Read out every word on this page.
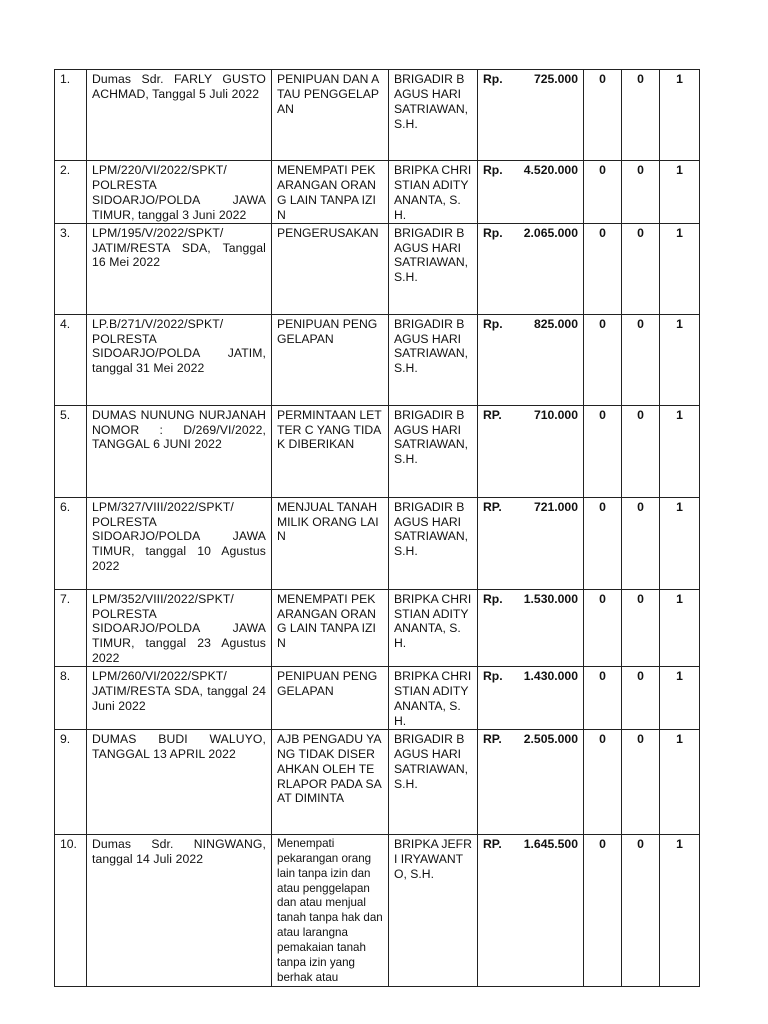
1.	Dumas Sdr. FARLY GUSTO ACHMAD, Tanggal 5 Juli 2022	PENIPUAN DAN ATAU PENGGELAPAN	BRIGADIR BAGUS HARI SATRIAWAN, S.H.	Rp.	725.000	0	0	1

2.	LPM/220/VI/2022/SPKT/ POLRESTA SIDOARJO/POLDA JAWA TIMUR, tanggal 3 Juni 2022	MENEMPATI PEKARANGAN ORANG LAIN TANPA IZIN	BRIPKA CHRISTIAN ADITYANANTA, S.H.	Rp.	4.520.000	0	0	1

3.	LPM/195/V/2022/SPKT/ JATIM/RESTA SDA, Tanggal 16 Mei 2022	PENGERUSAKAN	BRIGADIR BAGUS HARI SATRIAWAN, S.H.	Rp.	2.065.000	0	0	1

4.	LP.B/271/V/2022/SPKT/ POLRESTA SIDOARJO/POLDA JATIM, tanggal 31 Mei 2022	PENIPUAN PENGGELAPAN	BRIGADIR BAGUS HARI SATRIAWAN, S.H.	Rp.	825.000	0	0	1

5.	DUMAS NUNUNG NURJANAH NOMOR : D/269/VI/2022, TANGGAL 6 JUNI 2022	PERMINTAAN LETTER C YANG TIDAK DIBERIKAN	BRIGADIR BAGUS HARI SATRIAWAN, S.H.	RP.	710.000	0	0	1

6.	LPM/327/VIII/2022/SPKT/ POLRESTA SIDOARJO/POLDA JAWA TIMUR, tanggal 10 Agustus 2022	MENJUAL TANAH MILIK ORANG LAIN	BRIGADIR BAGUS HARI SATRIAWAN, S.H.	RP.	721.000	0	0	1

7.	LPM/352/VIII/2022/SPKT/ POLRESTA SIDOARJO/POLDA JAWA TIMUR, tanggal 23 Agustus 2022	MENEMPATI PEKARANGAN ORANG LAIN TANPA IZIN	BRIPKA CHRISTIAN ADITYANANTA, S.H.	Rp.	1.530.000	0	0	1

8.	LPM/260/VI/2022/SPKT/ JATIM/RESTA SDA, tanggal 24 Juni 2022	PENIPUAN PENGGELAPAN	BRIPKA CHRISTIAN ADITYANANTA, S.H.	Rp.	1.430.000	0	0	1

9.	DUMAS BUDI WALUYO, TANGGAL 13 APRIL 2022	AJB PENGADU YANG TIDAK DISERAHKAN OLEH TERLAPOR PADA SAAT DIMINTA	BRIGADIR BAGUS HARI SATRIAWAN, S.H.	RP.	2.505.000	0	0	1

10.	Dumas Sdr. NINGWANG, tanggal 14 Juli 2022	Menempati pekarangan orang lain tanpa izin dan atau penggelapan dan atau menjual tanah tanpa hak dan atau larangna pemakaian tanah tanpa izin yang berhak atau	BRIPKA JEFRI IRYAWANTO, S.H.	RP.	1.645.500	0	0	1
